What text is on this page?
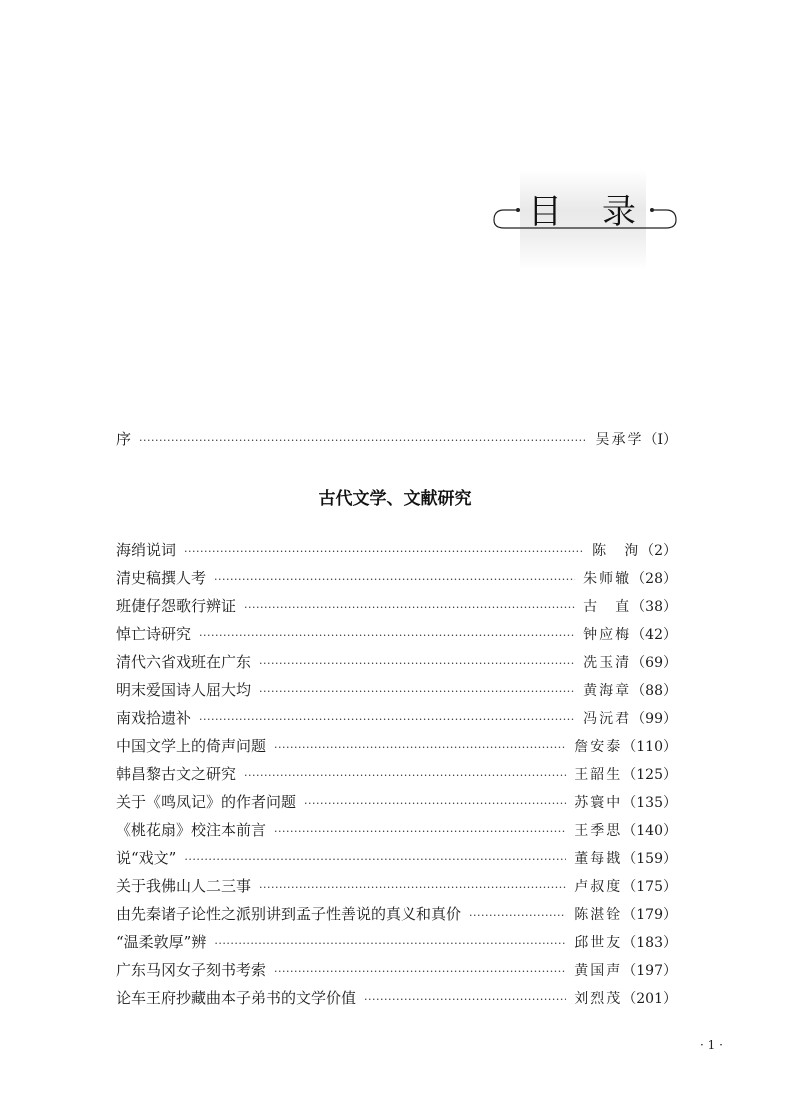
目 录
序 ·····	吴承学 （Ⅰ）
古代文学、文献研究
海绡说词 ·····	陈　洵 （2）
清史稿撰人考 ·····	朱师辙 （28）
班倢仔怨歌行辨证 ·····	古　直 （38）
悼亡诗研究 ·····	钟应梅 （42）
清代六省戏班在广东 ·····	冼玉清 （69）
明末爱国诗人屈大均 ·····	黄海章 （88）
南戏拾遗补 ·····	冯沅君 （99）
中国文学上的倚声问题 ·····	詹安泰 （110）
韩昌黎古文之研究 ·····	王韶生 （125）
关于《鸣凤记》的作者问题 ·····	苏寰中 （135）
《桃花扇》校注本前言 ·····	王季思 （140）
说“戏文” ·····	董每戡 （159）
关于我佛山人二三事 ·····	卢叔度 （175）
由先秦诸子论性之派别讲到孟子性善说的真义和真价 ·····	陈湛铨 （179）
“温柔敦厚”辨 ·····	邱世友 （183）
广东马冈女子刻书考索 ·····	黄国声 （197）
论车王府抄藏曲本子弟书的文学价值 ·····	刘烈茂 （201）
· 1 ·
